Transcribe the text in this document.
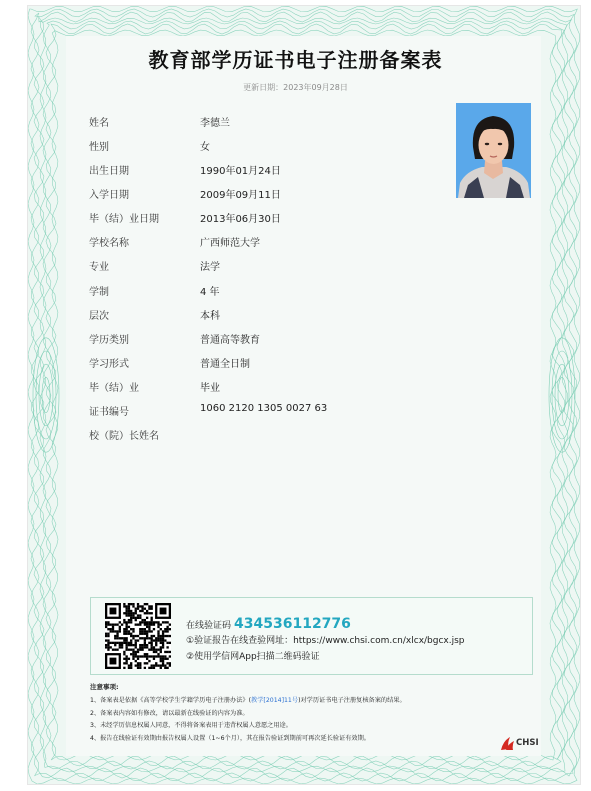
教育部学历证书电子注册备案表
更新日期：2023年09月28日
姓名	李德兰
性别	女
出生日期	1990年01月24日
入学日期	2009年09月11日
毕（结）业日期	2013年06月30日
学校名称	广西师范大学
专业	法学
学制	4 年
层次	本科
学历类别	普通高等教育
学习形式	普通全日制
毕（结）业	毕业
证书编号	1060 2120 1305 0027 63
校（院）长姓名
在线验证码 434536112776
①验证报告在线查验网址：https://www.chsi.com.cn/xlcx/bgcx.jsp
②使用学信网App扫描二维码验证
注意事项:
1、备案表是依据《高等学校学生学籍学历电子注册办法》(教学[2014]11号)对学历证书电子注册复核备案的结果。
2、备案表内容如有修改，请以最新在线验证的内容为准。
3、未经学历信息权属人同意，不得将备案表用于违背权属人意愿之用途。
4、报告在线验证有效期由报告权属人设置（1~6个月），其在报告验证到期前可再次延长验证有效期。	CHSI
